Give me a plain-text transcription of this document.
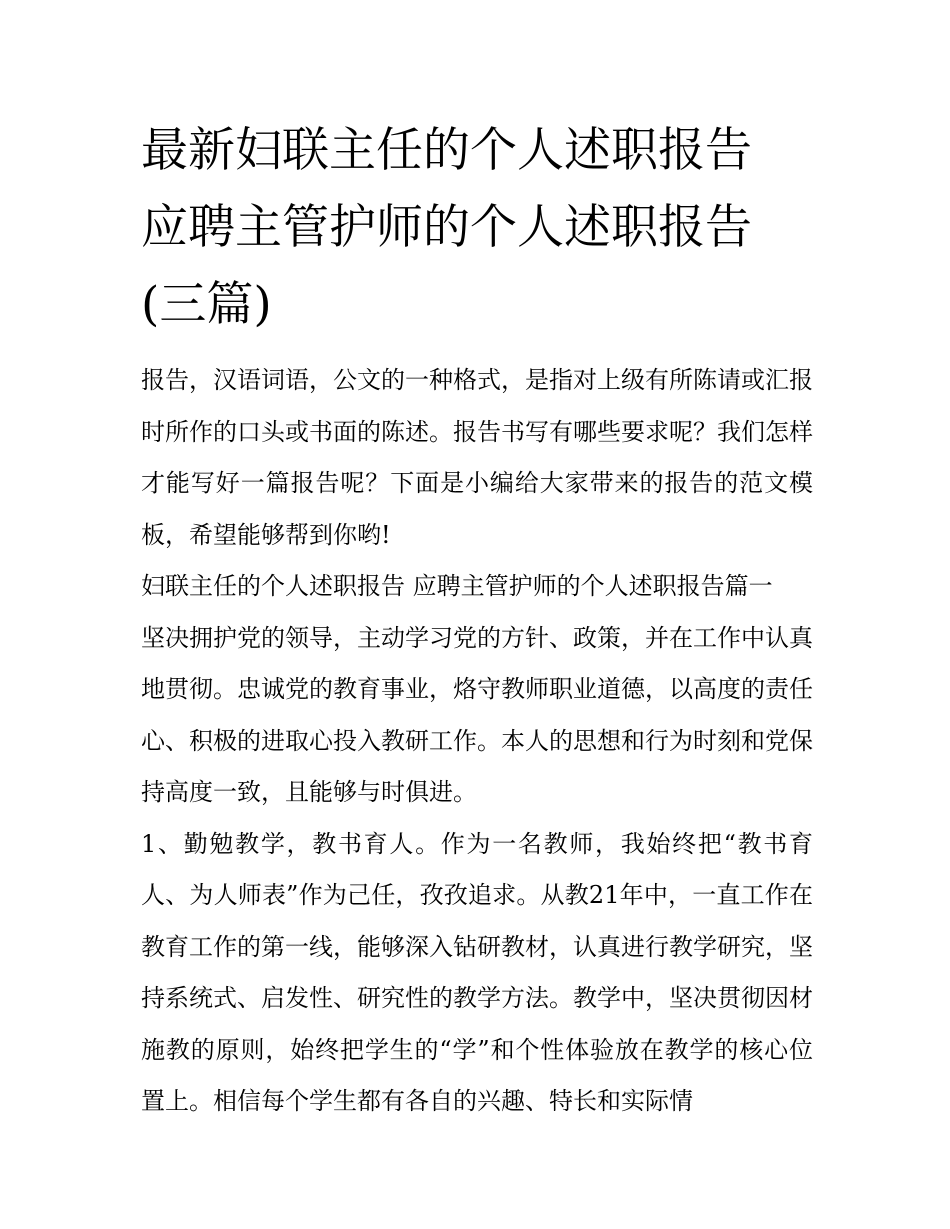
最新妇联主任的个人述职报告
应聘主管护师的个人述职报告
(三篇)

报告，汉语词语，公文的一种格式，是指对上级有所陈请或汇报时所作的口头或书面的陈述。报告书写有哪些要求呢？我们怎样才能写好一篇报告呢？下面是小编给大家带来的报告的范文模板，希望能够帮到你哟!

妇联主任的个人述职报告 应聘主管护师的个人述职报告篇一

坚决拥护党的领导，主动学习党的方针、政策，并在工作中认真地贯彻。忠诚党的教育事业，烙守教师职业道德，以高度的责任心、积极的进取心投入教研工作。本人的思想和行为时刻和党保持高度一致，且能够与时俱进。

1、勤勉教学，教书育人。作为一名教师，我始终把“教书育人、为人师表”作为己任，孜孜追求。从教21年中，一直工作在教育工作的第一线，能够深入钻研教材，认真进行教学研究，坚持系统式、启发性、研究性的教学方法。教学中，坚决贯彻因材施教的原则，始终把学生的“学”和个性体验放在教学的核心位置上。相信每个学生都有各自的兴趣、特长和实际情
